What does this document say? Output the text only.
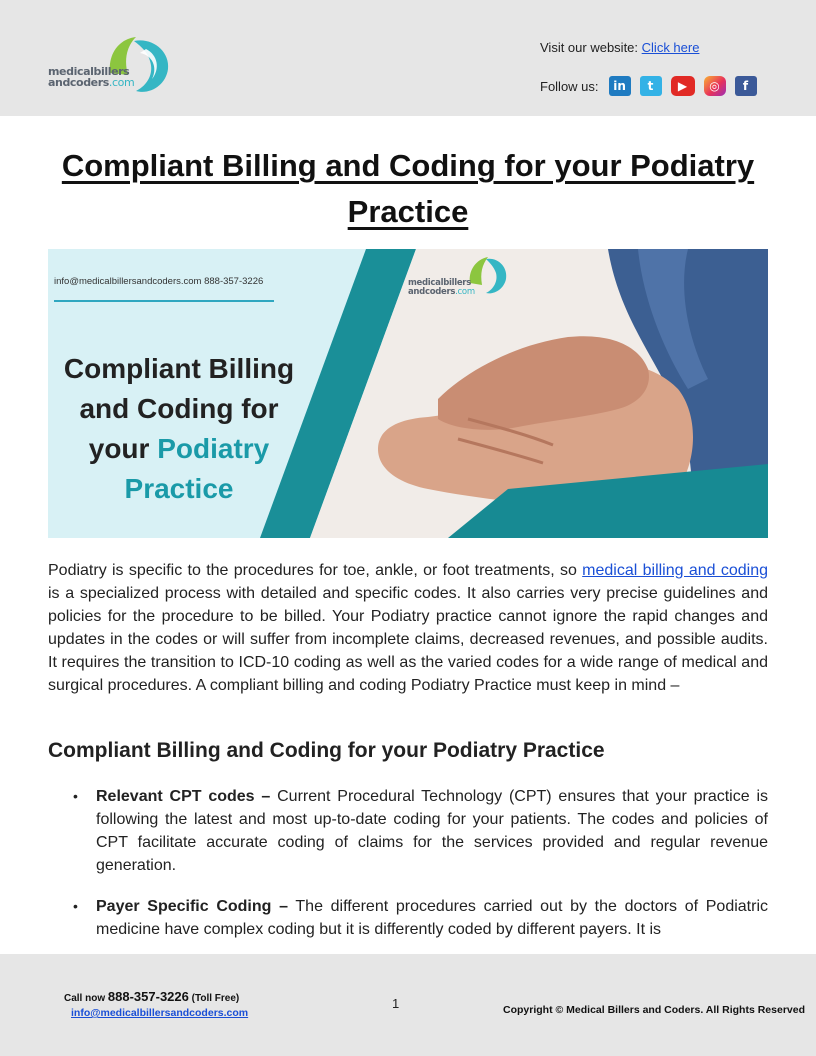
medicalbillers
andcoders.com
Visit our website: Click here
Follow us:	in	t	▶	◎	f
Compliant Billing and Coding for your Podiatry Practice
info@medicalbillersandcoders.com 888-357-3226
Compliant Billing
and Coding for
your Podiatry
Practice
medicalbillers
andcoders.com

Podiatry is specific to the procedures for toe, ankle, or foot treatments, so medical billing and coding is a specialized process with detailed and specific codes. It also carries very precise guidelines and policies for the procedure to be billed. Your Podiatry practice cannot ignore the rapid changes and updates in the codes or will suffer from incomplete claims, decreased revenues, and possible audits. It requires the transition to ICD-10 coding as well as the varied codes for a wide range of medical and surgical procedures. A compliant billing and coding Podiatry Practice must keep in mind –

Compliant Billing and Coding for your Podiatry Practice
• Relevant CPT codes – Current Procedural Technology (CPT) ensures that your practice is following the latest and most up-to-date coding for your patients. The codes and policies of CPT facilitate accurate coding of claims for the services provided and regular revenue generation.
• Payer Specific Coding – The different procedures carried out by the doctors of Podiatric medicine have complex coding but it is differently coded by different payers. It is
Call now 888-357-3226 (Toll Free)
info@medicalbillersandcoders.com
1	Copyright © Medical Billers and Coders. All Rights Reserved
